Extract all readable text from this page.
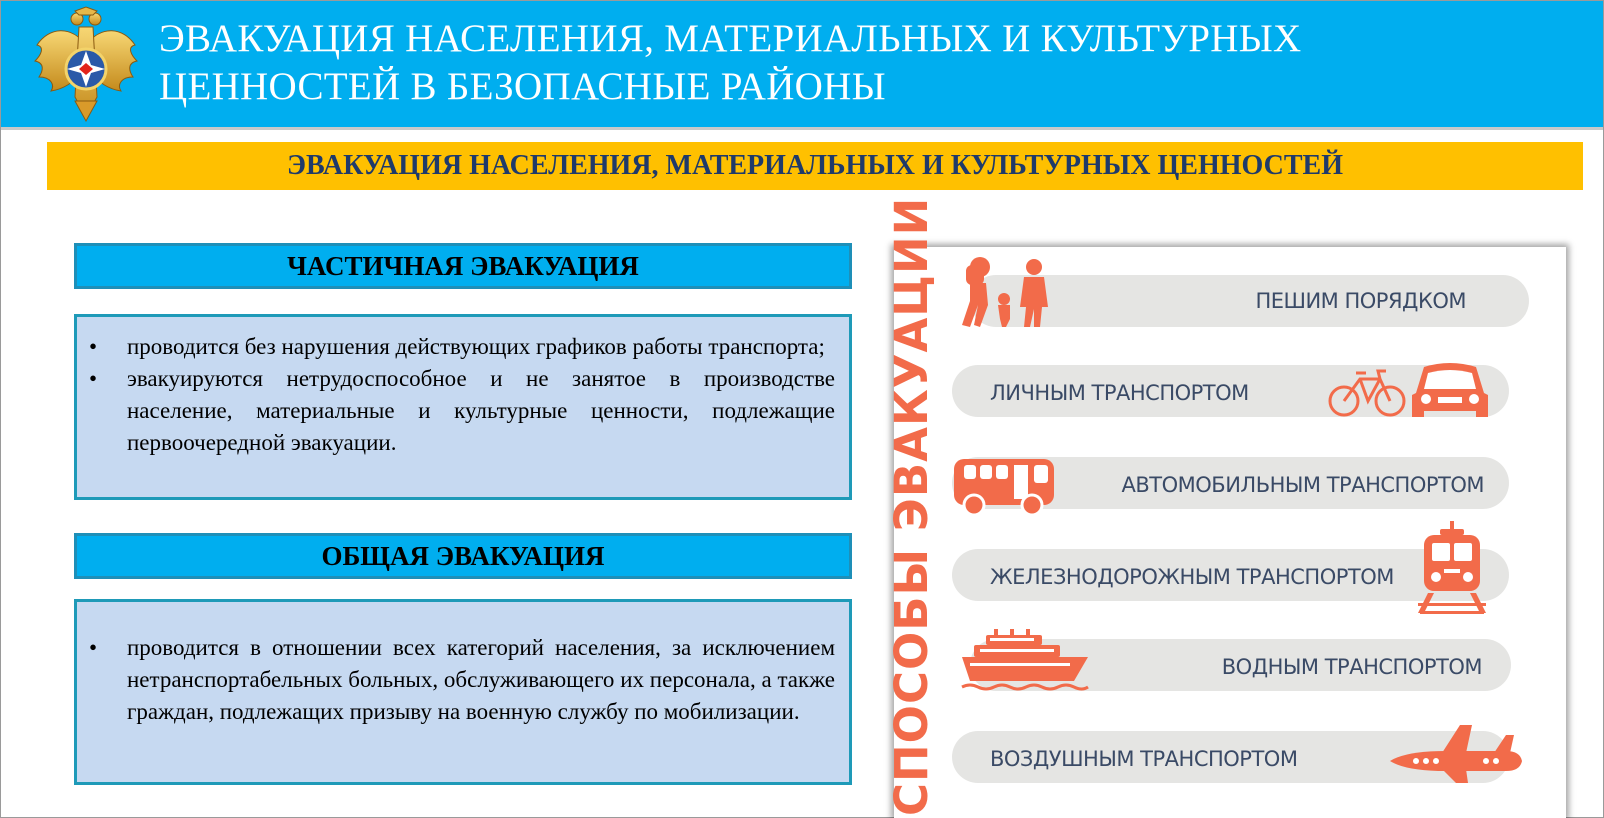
ЭВАКУАЦИЯ НАСЕЛЕНИЯ, МАТЕРИАЛЬНЫХ И КУЛЬТУРНЫХ
ЦЕННОСТЕЙ В БЕЗОПАСНЫЕ РАЙОНЫ
ЭВАКУАЦИЯ НАСЕЛЕНИЯ, МАТЕРИАЛЬНЫХ И КУЛЬТУРНЫХ ЦЕННОСТЕЙ
ЧАСТИЧНАЯ ЭВАКУАЦИЯ
• проводится без нарушения действующих графиков работы транспорта;
• эвакуируются нетрудоспособное и не занятое в производстве население, материальные и культурные ценности, подлежащие первоочередной эвакуации.
ОБЩАЯ ЭВАКУАЦИЯ
• проводится в отношении всех категорий населения, за исключением нетранспортабельных больных, обслуживающего их персонала, а также граждан, подлежащих призыву на военную службу по мобилизации.	СПОСОБЫ ЭВАКУАЦИИ	ПЕШИМ ПОРЯДКОМ
ЛИЧНЫМ ТРАНСПОРТОМ
АВТОМОБИЛЬНЫМ ТРАНСПОРТОМ
ЖЕЛЕЗНОДОРОЖНЫМ ТРАНСПОРТОМ
ВОДНЫМ ТРАНСПОРТОМ
ВОЗДУШНЫМ ТРАНСПОРТОМ
